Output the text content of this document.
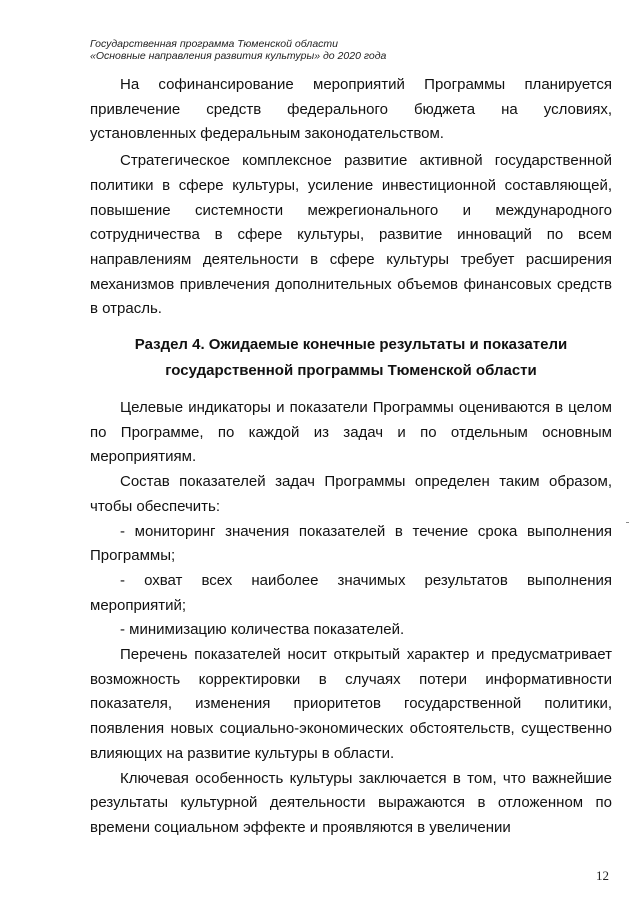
Государственная программа Тюменской области
«Основные направления развития культуры» до 2020 года

На софинансирование мероприятий Программы планируется привлечение средств федерального бюджета на условиях, установленных федеральным законодательством.

Стратегическое комплексное развитие активной государственной политики в сфере культуры, усиление инвестиционной составляющей, повышение системности межрегионального и международного сотрудничества в сфере культуры, развитие инноваций по всем направлениям деятельности в сфере культуры требует расширения механизмов привлечения дополнительных объемов финансовых средств в отрасль.

Раздел 4. Ожидаемые конечные результаты и показатели
государственной программы Тюменской области

Целевые индикаторы и показатели Программы оцениваются в целом по Программе, по каждой из задач и по отдельным основным мероприятиям.

Состав показателей задач Программы определен таким образом, чтобы обеспечить:

- мониторинг значения показателей в течение срока выполнения Программы;

- охват всех наиболее значимых результатов выполнения мероприятий;

- минимизацию количества показателей.

Перечень показателей носит открытый характер и предусматривает возможность корректировки в случаях потери информативности показателя, изменения приоритетов государственной политики, появления новых социально-экономических обстоятельств, существенно влияющих на развитие культуры в области.

Ключевая особенность культуры заключается в том, что важнейшие результаты культурной деятельности выражаются в отложенном по времени социальном эффекте и проявляются в увеличении

12
